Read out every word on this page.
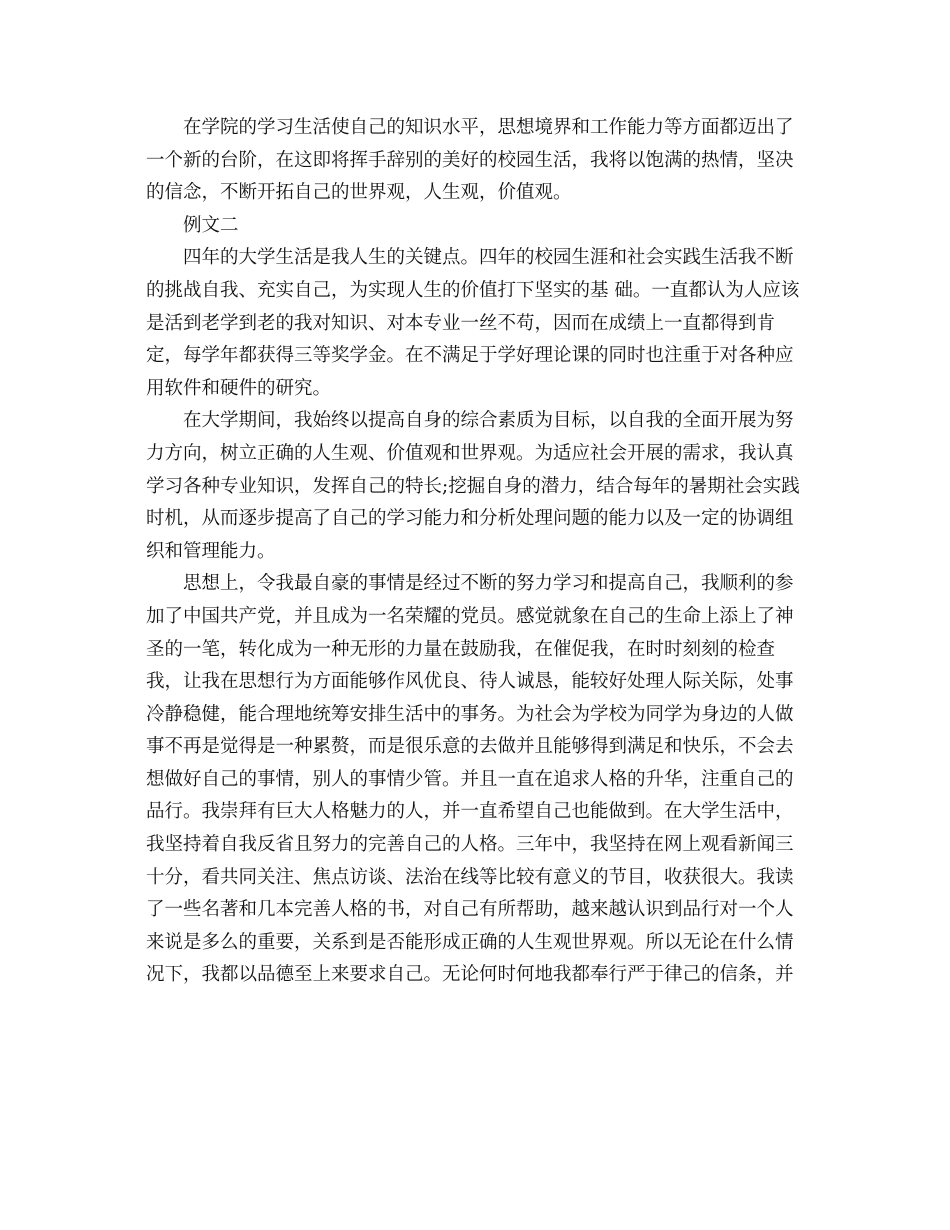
在学院的学习生活使自己的知识水平，思想境界和工作能力等方面都迈出了
一个新的台阶，在这即将挥手辞别的美好的校园生活，我将以饱满的热情，坚决
的信念，不断开拓自己的世界观，人生观，价值观。
例文二
四年的大学生活是我人生的关键点。四年的校园生涯和社会实践生活我不断
的挑战自我、充实自己，为实现人生的价值打下坚实的基 础。一直都认为人应该
是活到老学到老的我对知识、对本专业一丝不苟，因而在成绩上一直都得到肯
定，每学年都获得三等奖学金。在不满足于学好理论课的同时也注重于对各种应
用软件和硬件的研究。
在大学期间，我始终以提高自身的综合素质为目标，以自我的全面开展为努
力方向，树立正确的人生观、价值观和世界观。为适应社会开展的需求，我认真
学习各种专业知识，发挥自己的特长;挖掘自身的潜力，结合每年的暑期社会实践
时机，从而逐步提高了自己的学习能力和分析处理问题的能力以及一定的协调组
织和管理能力。
思想上，令我最自豪的事情是经过不断的努力学习和提高自己，我顺利的参
加了中国共产党，并且成为一名荣耀的党员。感觉就象在自己的生命上添上了神
圣的一笔，转化成为一种无形的力量在鼓励我，在催促我，在时时刻刻的检查
我，让我在思想行为方面能够作风优良、待人诚恳，能较好处理人际关际，处事
冷静稳健，能合理地统筹安排生活中的事务。为社会为学校为同学为身边的人做
事不再是觉得是一种累赘，而是很乐意的去做并且能够得到满足和快乐，不会去
想做好自己的事情，别人的事情少管。并且一直在追求人格的升华，注重自己的
品行。我崇拜有巨大人格魅力的人，并一直希望自己也能做到。在大学生活中，
我坚持着自我反省且努力的完善自己的人格。三年中，我坚持在网上观看新闻三
十分，看共同关注、焦点访谈、法治在线等比较有意义的节目，收获很大。我读
了一些名著和几本完善人格的书，对自己有所帮助，越来越认识到品行对一个人
来说是多么的重要，关系到是否能形成正确的人生观世界观。所以无论在什么情
况下，我都以品德至上来要求自己。无论何时何地我都奉行严于律己的信条，并
